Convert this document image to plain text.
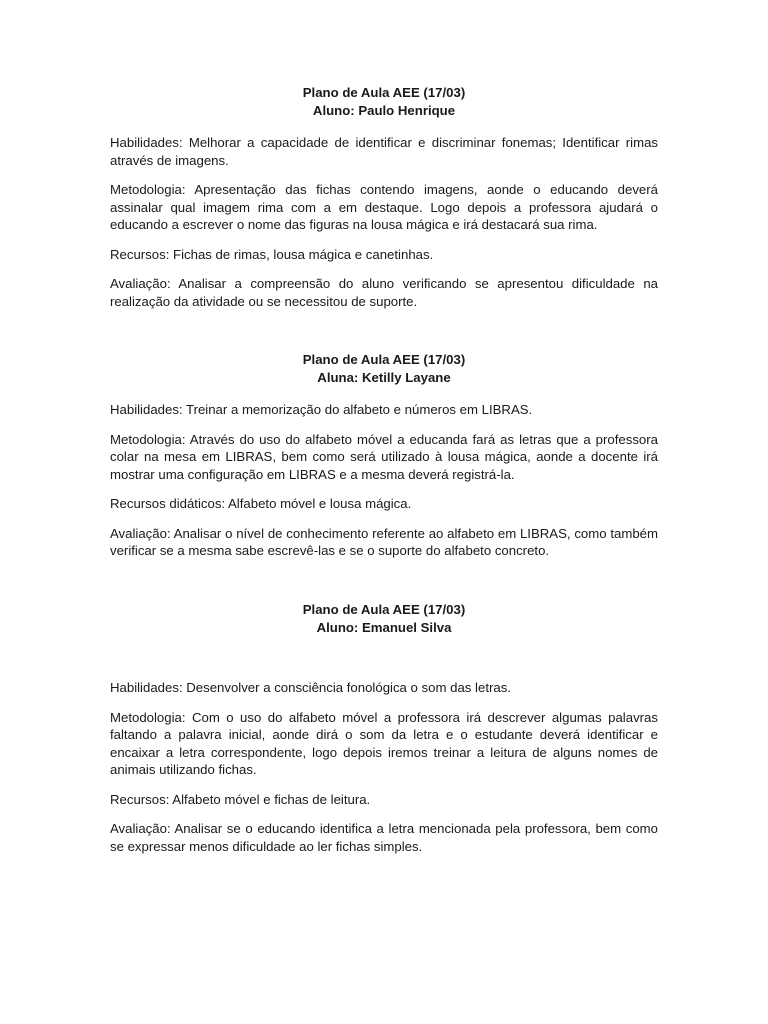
Plano de Aula AEE (17/03)

Aluno: Paulo Henrique

Habilidades: Melhorar a capacidade de identificar e discriminar fonemas; Identificar rimas através de imagens.

Metodologia: Apresentação das fichas contendo imagens, aonde o educando deverá assinalar qual imagem rima com a em destaque. Logo depois a professora ajudará o educando a escrever o nome das figuras na lousa mágica e irá destacará sua rima.

Recursos: Fichas de rimas, lousa mágica e canetinhas.

Avaliação: Analisar a compreensão do aluno verificando se apresentou dificuldade na realização da atividade ou se necessitou de suporte.

Plano de Aula AEE (17/03)

Aluna: Ketilly Layane

Habilidades: Treinar a memorização do alfabeto e números em LIBRAS.

Metodologia: Através do uso do alfabeto móvel a educanda fará as letras que a professora colar na mesa em LIBRAS, bem como será utilizado à lousa mágica, aonde a docente irá mostrar uma configuração em LIBRAS e a mesma deverá registrá-la.

Recursos didáticos: Alfabeto móvel e lousa mágica.

Avaliação: Analisar o nível de conhecimento referente ao alfabeto em LIBRAS, como também verificar se a mesma sabe escrevê-las e se o suporte do alfabeto concreto.

Plano de Aula AEE (17/03)

Aluno: Emanuel Silva

Habilidades: Desenvolver a consciência fonológica o som das letras.

Metodologia: Com o uso do alfabeto móvel a professora irá descrever algumas palavras faltando a palavra inicial, aonde dirá o som da letra e o estudante deverá identificar e encaixar a letra correspondente, logo depois iremos treinar a leitura de alguns nomes de animais utilizando fichas.

Recursos: Alfabeto móvel e fichas de leitura.

Avaliação: Analisar se o educando identifica a letra mencionada pela professora, bem como se expressar menos dificuldade ao ler fichas simples.
